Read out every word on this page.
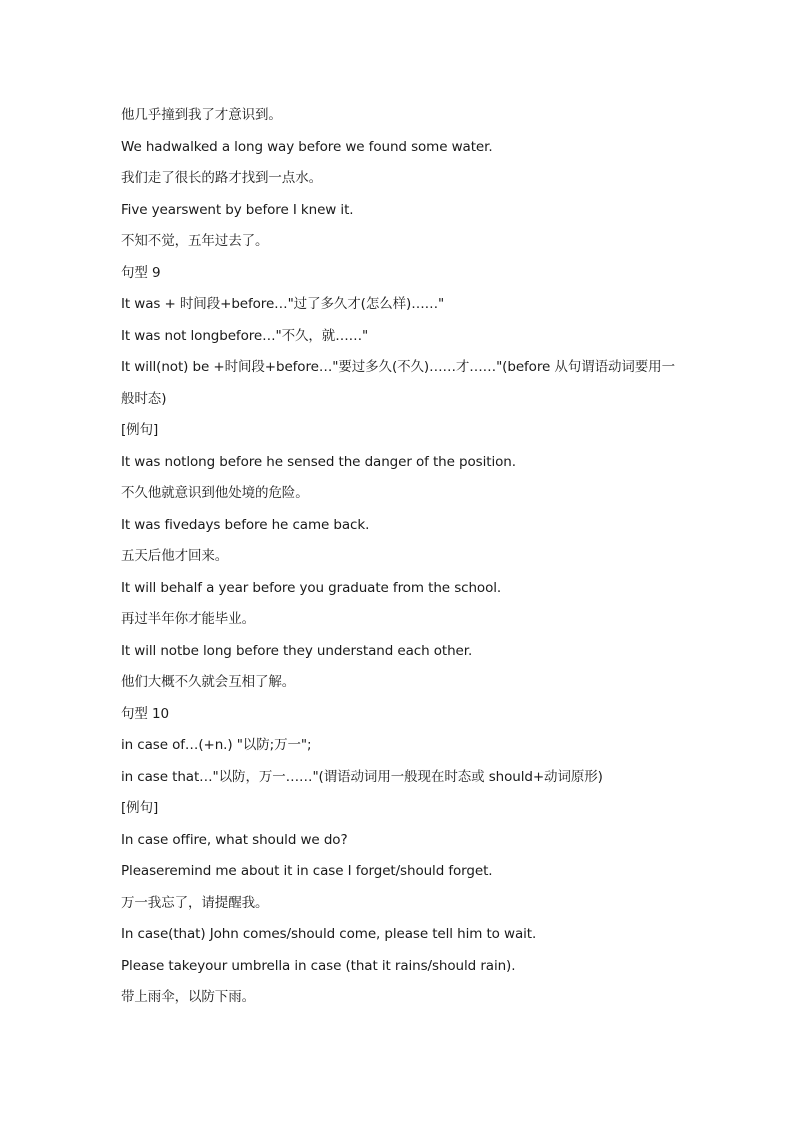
他几乎撞到我了才意识到。
We hadwalked a long way before we found some water.
我们走了很长的路才找到一点水。
Five yearswent by before I knew it.
不知不觉，五年过去了。
句型 9
It was + 时间段+before…"过了多久才(怎么样)……"
It was not longbefore…"不久，就……"
It will(not) be +时间段+before…"要过多久(不久)……才……"(before 从句谓语动词要用一般时态)
[例句]
It was notlong before he sensed the danger of the position.
不久他就意识到他处境的危险。
It was fivedays before he came back.
五天后他才回来。
It will behalf a year before you graduate from the school.
再过半年你才能毕业。
It will notbe long before they understand each other.
他们大概不久就会互相了解。
句型 10
in case of…(+n.) "以防;万一";
in case that…"以防，万一……"(谓语动词用一般现在时态或 should+动词原形)
[例句]
In case offire, what should we do?
Pleaseremind me about it in case I forget/should forget.
万一我忘了，请提醒我。
In case(that) John comes/should come, please tell him to wait.
Please takeyour umbrella in case (that it rains/should rain).
带上雨伞，以防下雨。
